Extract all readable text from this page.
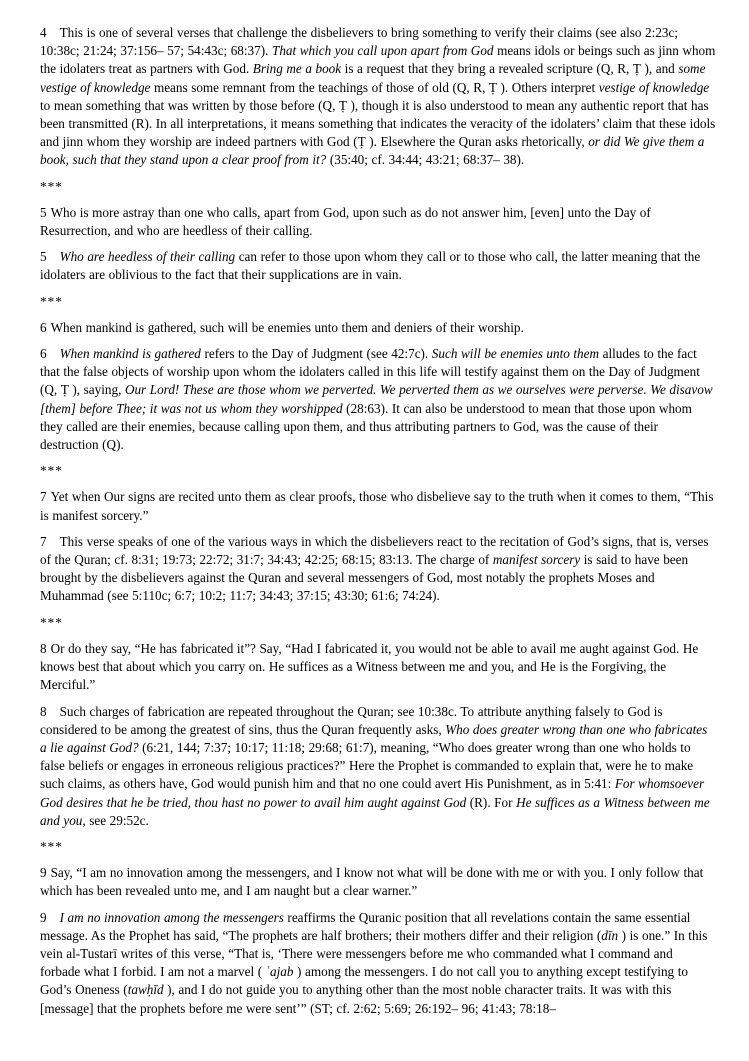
4 This is one of several verses that challenge the disbelievers to bring something to verify their claims (see also 2:23c; 10:38c; 21:24; 37:156– 57; 54:43c; 68:37). That which you call upon apart from God means idols or beings such as jinn whom the idolaters treat as partners with God. Bring me a book is a request that they bring a revealed scripture (Q, R, Ṭ ), and some vestige of knowledge means some remnant from the teachings of those of old (Q, R, Ṭ ). Others interpret vestige of knowledge to mean something that was written by those before (Q, Ṭ ), though it is also understood to mean any authentic report that has been transmitted (R). In all interpretations, it means something that indicates the veracity of the idolaters’ claim that these idols and jinn whom they worship are indeed partners with God (Ṭ ). Elsewhere the Quran asks rhetorically, or did We give them a book, such that they stand upon a clear proof from it? (35:40; cf. 34:44; 43:21; 68:37– 38).

***

5 Who is more astray than one who calls, apart from God, upon such as do not answer him, [even] unto the Day of Resurrection, and who are heedless of their calling.

5 Who are heedless of their calling can refer to those upon whom they call or to those who call, the latter meaning that the idolaters are oblivious to the fact that their supplications are in vain.

***

6 When mankind is gathered, such will be enemies unto them and deniers of their worship.

6 When mankind is gathered refers to the Day of Judgment (see 42:7c). Such will be enemies unto them alludes to the fact that the false objects of worship upon whom the idolaters called in this life will testify against them on the Day of Judgment (Q, Ṭ ), saying, Our Lord! These are those whom we perverted. We perverted them as we ourselves were perverse. We disavow [them] before Thee; it was not us whom they worshipped (28:63). It can also be understood to mean that those upon whom they called are their enemies, because calling upon them, and thus attributing partners to God, was the cause of their destruction (Q).

***

7 Yet when Our signs are recited unto them as clear proofs, those who disbelieve say to the truth when it comes to them, “This is manifest sorcery.”

7 This verse speaks of one of the various ways in which the disbelievers react to the recitation of God’s signs, that is, verses of the Quran; cf. 8:31; 19:73; 22:72; 31:7; 34:43; 42:25; 68:15; 83:13. The charge of manifest sorcery is said to have been brought by the disbelievers against the Quran and several messengers of God, most notably the prophets Moses and Muhammad (see 5:110c; 6:7; 10:2; 11:7; 34:43; 37:15; 43:30; 61:6; 74:24).

***

8 Or do they say, “He has fabricated it”? Say, “Had I fabricated it, you would not be able to avail me aught against God. He knows best that about which you carry on. He suffices as a Witness between me and you, and He is the Forgiving, the Merciful.”

8 Such charges of fabrication are repeated throughout the Quran; see 10:38c. To attribute anything falsely to God is considered to be among the greatest of sins, thus the Quran frequently asks, Who does greater wrong than one who fabricates a lie against God? (6:21, 144; 7:37; 10:17; 11:18; 29:68; 61:7), meaning, “Who does greater wrong than one who holds to false beliefs or engages in erroneous religious practices?” Here the Prophet is commanded to explain that, were he to make such claims, as others have, God would punish him and that no one could avert His Punishment, as in 5:41: For whomsoever God desires that he be tried, thou hast no power to avail him aught against God (R). For He suffices as a Witness between me and you, see 29:52c.

***

9 Say, “I am no innovation among the messengers, and I know not what will be done with me or with you. I only follow that which has been revealed unto me, and I am naught but a clear warner.”

9 I am no innovation among the messengers reaffirms the Quranic position that all revelations contain the same essential message. As the Prophet has said, “The prophets are half brothers; their mothers differ and their religion (dīn ) is one.” In this vein al-Tustarī writes of this verse, “That is, ‘There were messengers before me who commanded what I command and forbade what I forbid. I am not a marvel ( ʿajab ) among the messengers. I do not call you to anything except testifying to God’s Oneness (tawḥīd ), and I do not guide you to anything other than the most noble character traits. It was with this [message] that the prophets before me were sent’” (ST; cf. 2:62; 5:69; 26:192– 96; 41:43; 78:18–
